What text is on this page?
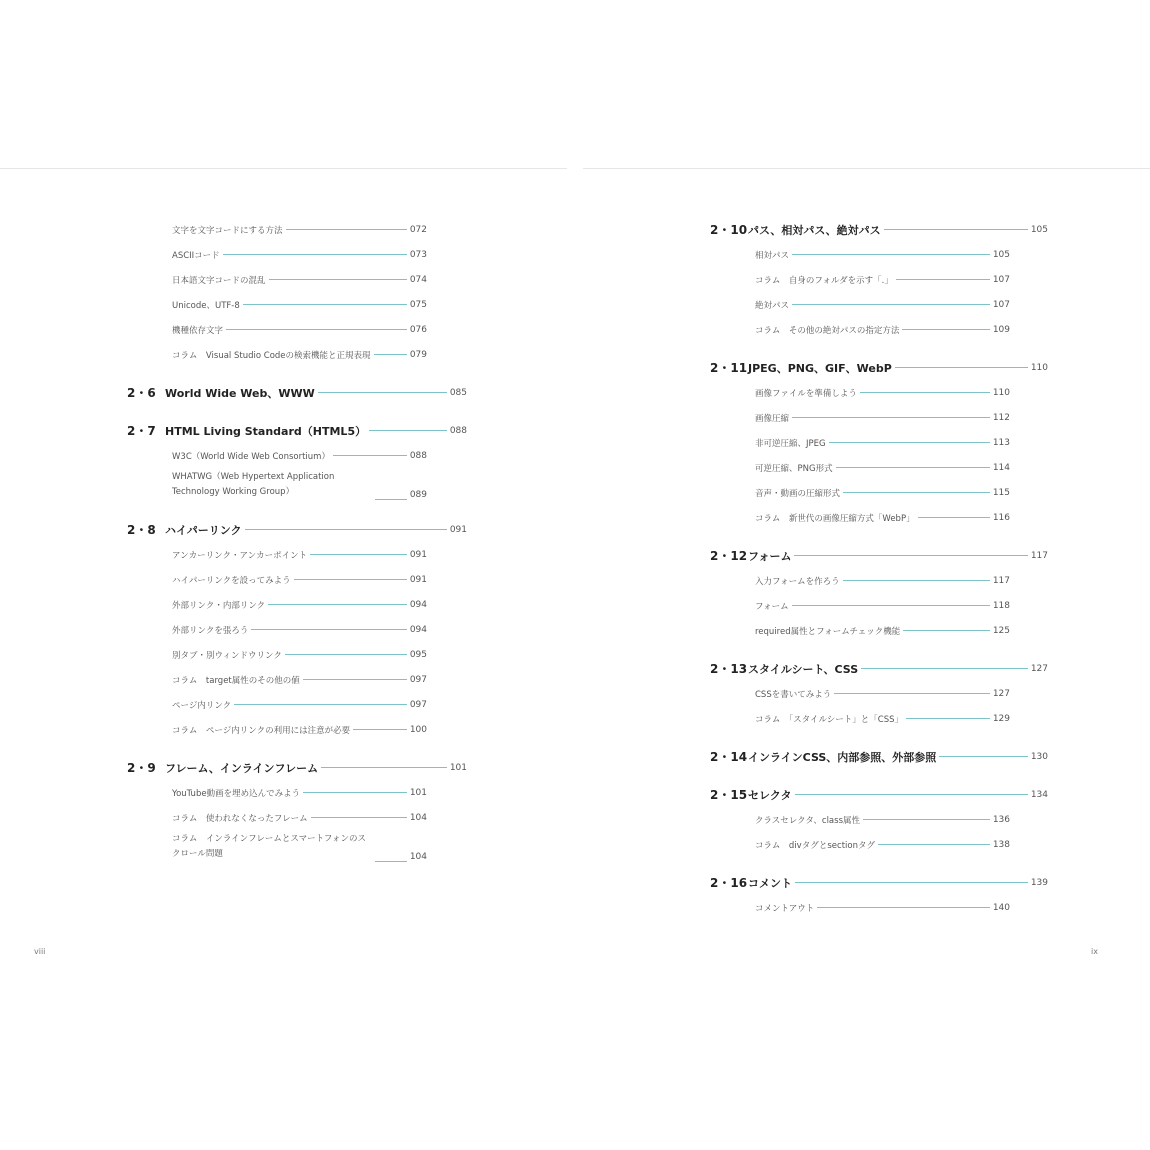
文字を文字コードにする方法	072
ASCIIコード	073
日本語文字コードの混乱	074
Unicode、UTF-8	075
機種依存文字	076
コラム　Visual Studio Codeの検索機能と正規表現	079
2・6 World Wide Web、WWW	085
2・7 HTML Living Standard（HTML5）	088
W3C（World Wide Web Consortium）	088
WHATWG（Web Hypertext Application Technology Working Group）	089
2・8 ハイパーリンク	091
アンカーリンク・アンカーポイント	091
ハイパーリンクを設ってみよう	091
外部リンク・内部リンク	094
外部リンクを張ろう	094
別タブ・別ウィンドウリンク	095
コラム　target属性のその他の値	097
ページ内リンク	097
コラム　ページ内リンクの利用には注意が必要	100
2・9 フレーム、インラインフレーム	101
YouTube動画を埋め込んでみよう	101
コラム　使われなくなったフレーム	104
コラム　インラインフレームとスマートフォンのスクロール問題	104
viii
2・10 パス、相対パス、絶対パス	105
相対パス	105
コラム　自身のフォルダを示す「.」	107
絶対パス	107
コラム　その他の絶対パスの指定方法	109
2・11 JPEG、PNG、GIF、WebP	110
画像ファイルを準備しよう	110
画像圧縮	112
非可逆圧縮、JPEG	113
可逆圧縮、PNG形式	114
音声・動画の圧縮形式	115
コラム　新世代の画像圧縮方式「WebP」	116
2・12 フォーム	117
入力フォームを作ろう	117
フォーム	118
required属性とフォームチェック機能	125
2・13 スタイルシート、CSS	127
CSSを書いてみよう	127
コラム　「スタイルシート」と「CSS」	129
2・14 インラインCSS、内部参照、外部参照	130
2・15 セレクタ	134
クラスセレクタ、class属性	136
コラム　divタグとsectionタグ	138
2・16 コメント	139
コメントアウト	140
ix
